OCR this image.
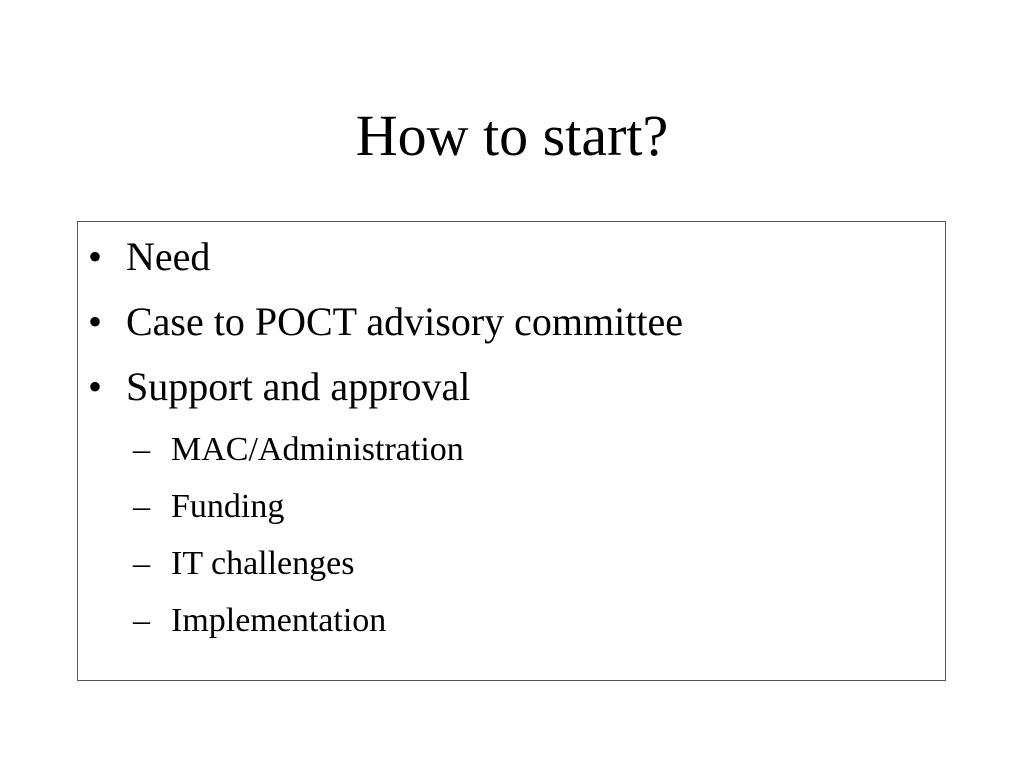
How to start?
• Need
• Case to POCT advisory committee
• Support and approval
– MAC/Administration
– Funding
– IT challenges
– Implementation
